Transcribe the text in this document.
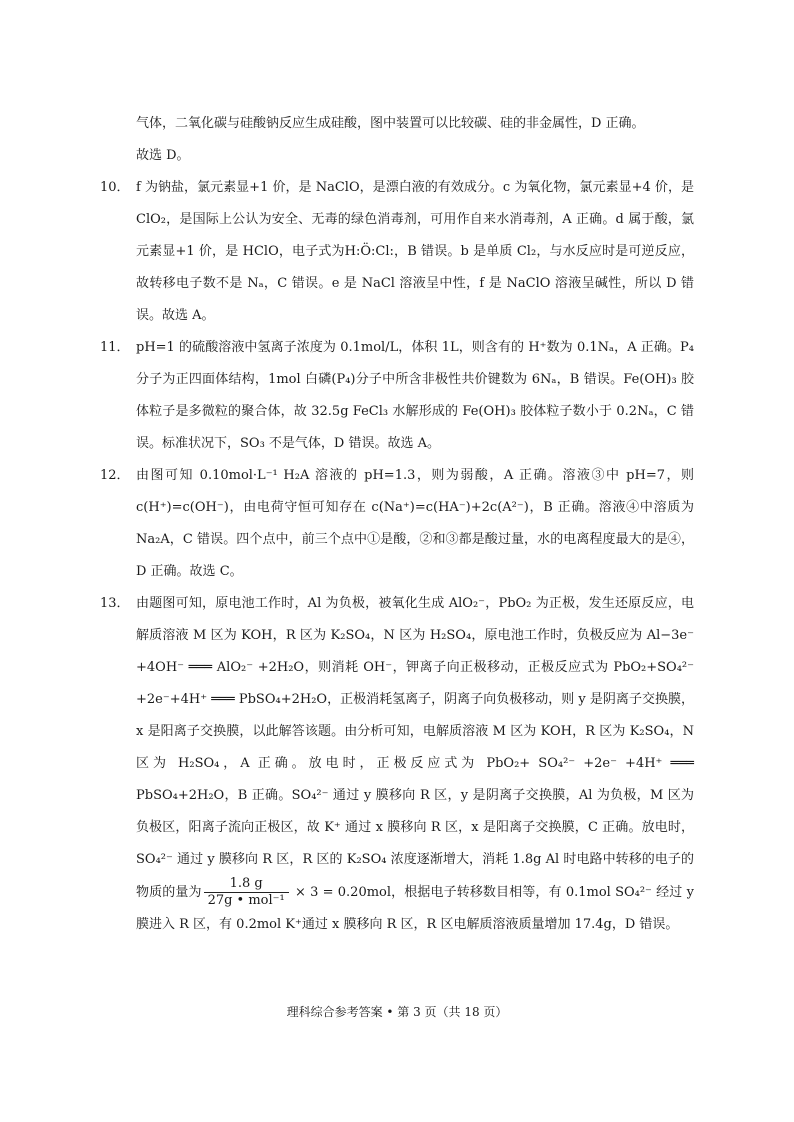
气体，二氧化碳与硅酸钠反应生成硅酸，图中装置可以比较碳、硅的非金属性，D 正确。
故选 D。
10． f 为钠盐，氯元素显+1 价，是 NaClO，是漂白液的有效成分。c 为氧化物，氯元素显+4 价，是 ClO₂，是国际上公认为安全、无毒的绿色消毒剂，可用作自来水消毒剂，A 正确。d 属于酸，氯元素显+1 价，是 HClO，电子式为H:Ö:Cl:，B 错误。b 是单质 Cl₂，与水反应时是可逆反应，故转移电子数不是 Nₐ，C 错误。e 是 NaCl 溶液呈中性，f 是 NaClO 溶液呈碱性，所以 D 错误。故选 A。
11． pH=1 的硫酸溶液中氢离子浓度为 0.1mol/L，体积 1L，则含有的 H⁺数为 0.1Nₐ，A 正确。P₄ 分子为正四面体结构，1mol 白磷(P₄)分子中所含非极性共价键数为 6Nₐ，B 错误。Fe(OH)₃ 胶体粒子是多微粒的聚合体，故 32.5g FeCl₃ 水解形成的 Fe(OH)₃ 胶体粒子数小于 0.2Nₐ，C 错误。标准状况下，SO₃ 不是气体，D 错误。故选 A。
12． 由图可知 0.10mol·L⁻¹ H₂A 溶液的 pH=1.3，则为弱酸，A 正确。溶液③中 pH=7，则 c(H⁺)=c(OH⁻)，由电荷守恒可知存在 c(Na⁺)=c(HA⁻)+2c(A²⁻)，B 正确。溶液④中溶质为 Na₂A，C 错误。四个点中，前三个点中①是酸，②和③都是酸过量，水的电离程度最大的是④，D 正确。故选 C。
13． 由题图可知，原电池工作时，Al 为负极，被氧化生成 AlO₂⁻，PbO₂ 为正极，发生还原反应，电解质溶液 M 区为 KOH，R 区为 K₂SO₄，N 区为 H₂SO₄，原电池工作时，负极反应为 Al−3e⁻ +4OH⁻ ═══ AlO₂⁻ +2H₂O，则消耗 OH⁻，钾离子向正极移动，正极反应式为 PbO₂+SO₄²⁻ +2e⁻+4H⁺ ═══ PbSO₄+2H₂O，正极消耗氢离子，阴离子向负极移动，则 y 是阴离子交换膜，x 是阳离子交换膜，以此解答该题。由分析可知，电解质溶液 M 区为 KOH，R 区为 K₂SO₄，N 区为 H₂SO₄，A 正确。放电时，正极反应式为 PbO₂+ SO₄²⁻ +2e⁻ +4H⁺ ═══ PbSO₄+2H₂O，B 正确。SO₄²⁻ 通过 y 膜移向 R 区，y 是阴离子交换膜，Al 为负极，M 区为负极区，阳离子流向正极区，故 K⁺ 通过 x 膜移向 R 区，x 是阳离子交换膜，C 正确。放电时，SO₄²⁻ 通过 y 膜移向 R 区，R 区的 K₂SO₄ 浓度逐渐增大，消耗 1.8g Al 时电路中转移的电子的物质的量为 $\frac{1.8 g}{\text{27g • mol⁻¹}} \times 3 = 0.20mol$，根据电子转移数目相等，有 0.1mol SO₄²⁻ 经过 y 膜进入 R 区，有 0.2mol K⁺通过 x 膜移向 R 区，R 区电解质溶液质量增加 17.4g，D 错误。
理科综合参考答案 • 第 3 页（共 18 页）
